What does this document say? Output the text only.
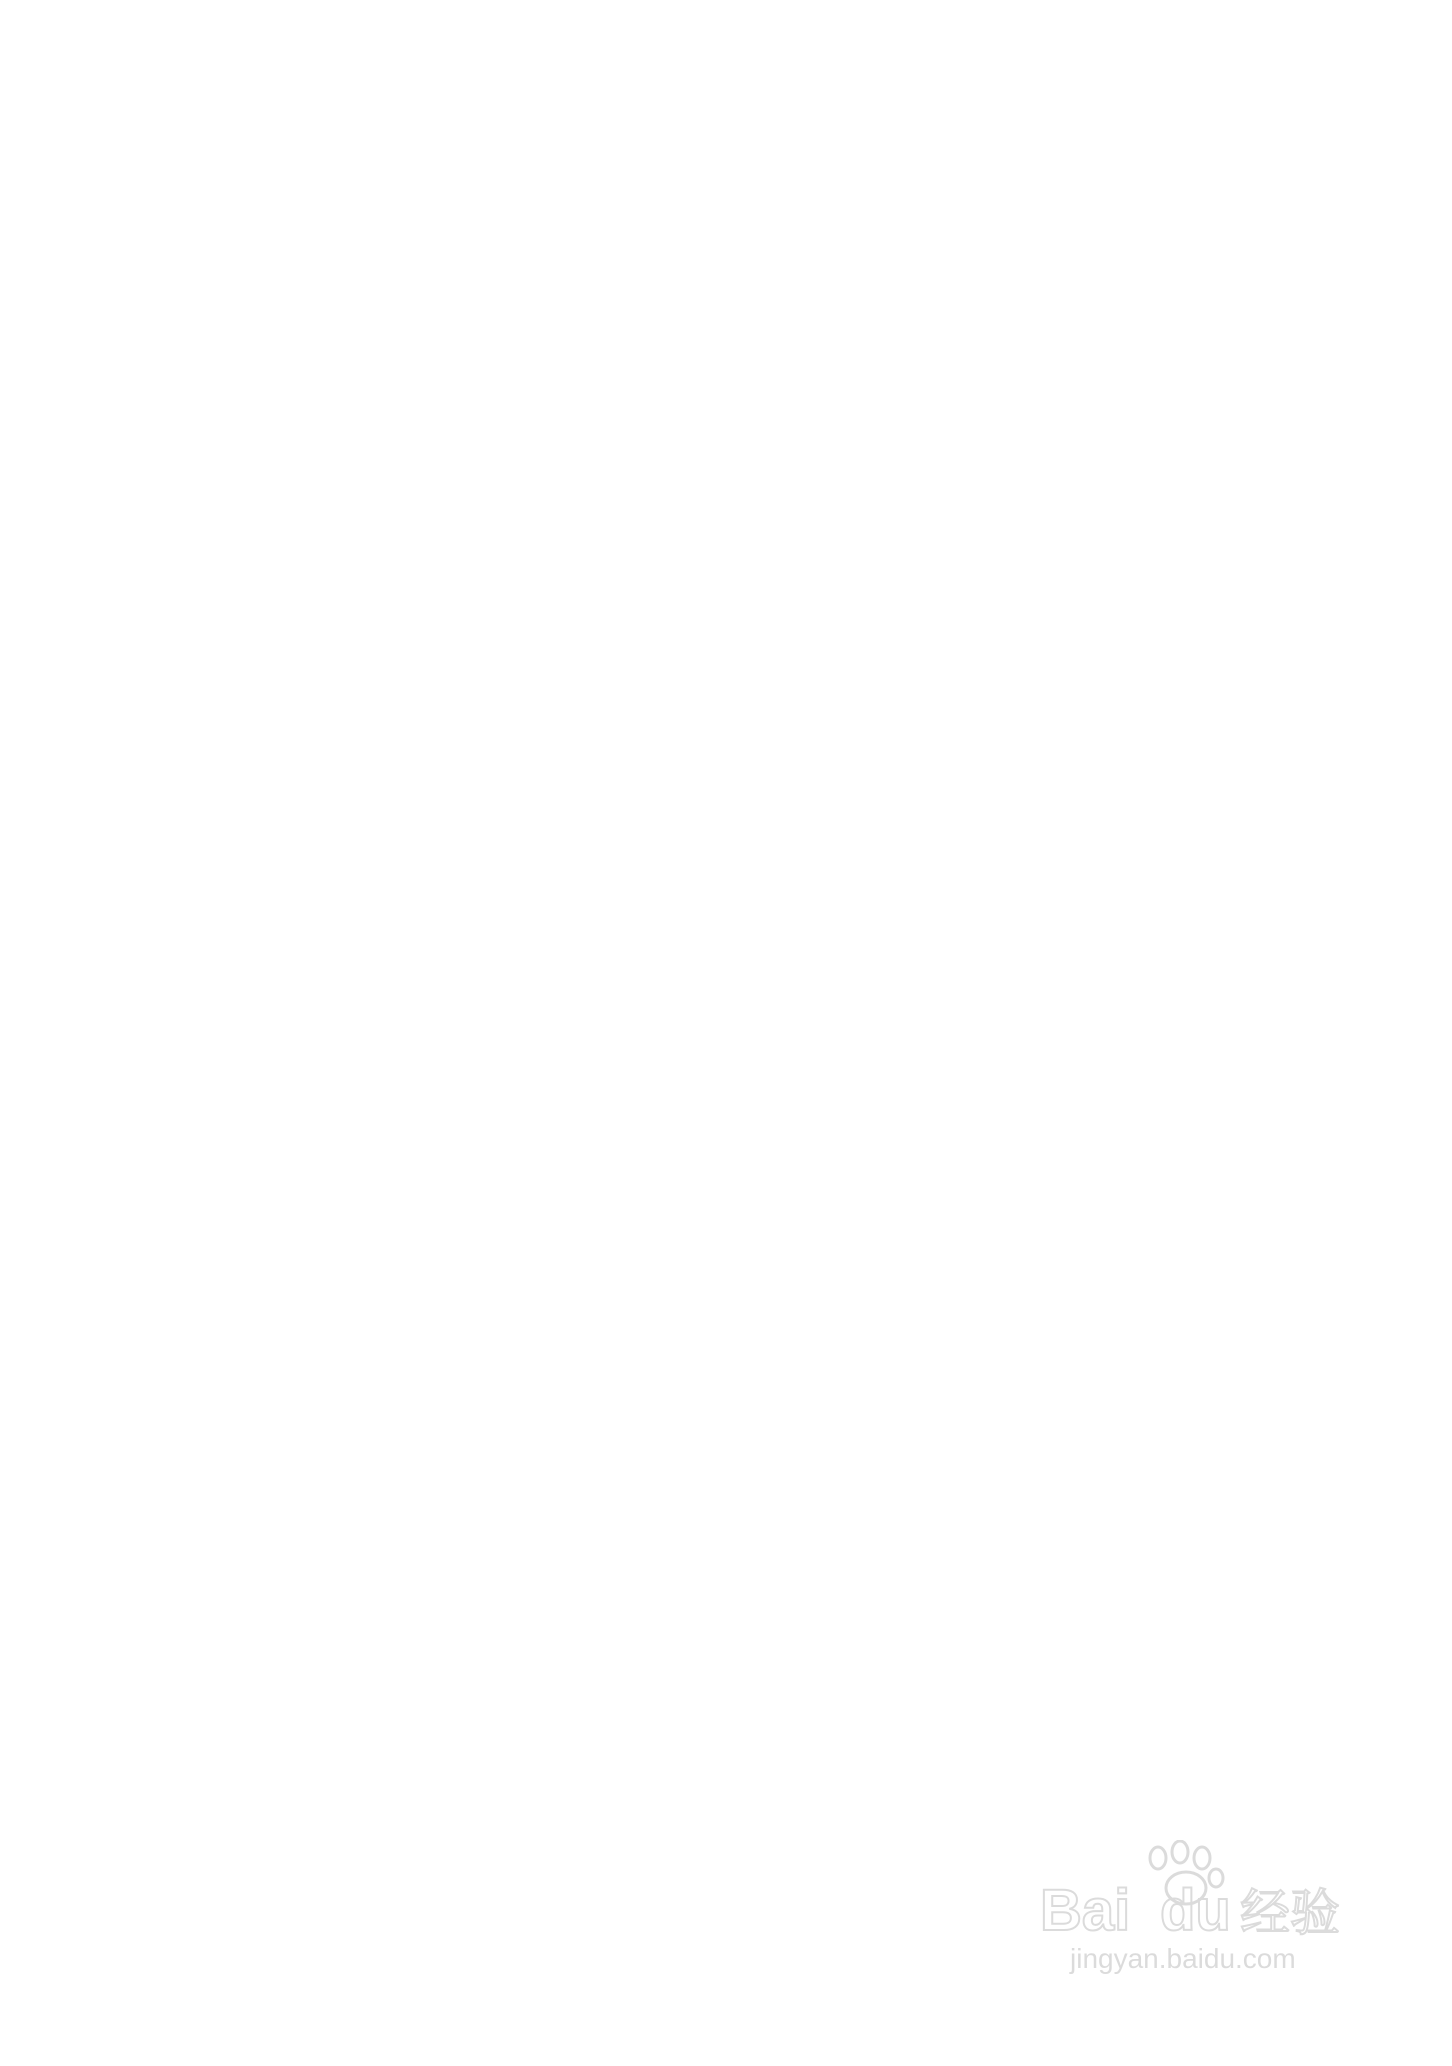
Bai du 经验
jingyan.baidu.com
